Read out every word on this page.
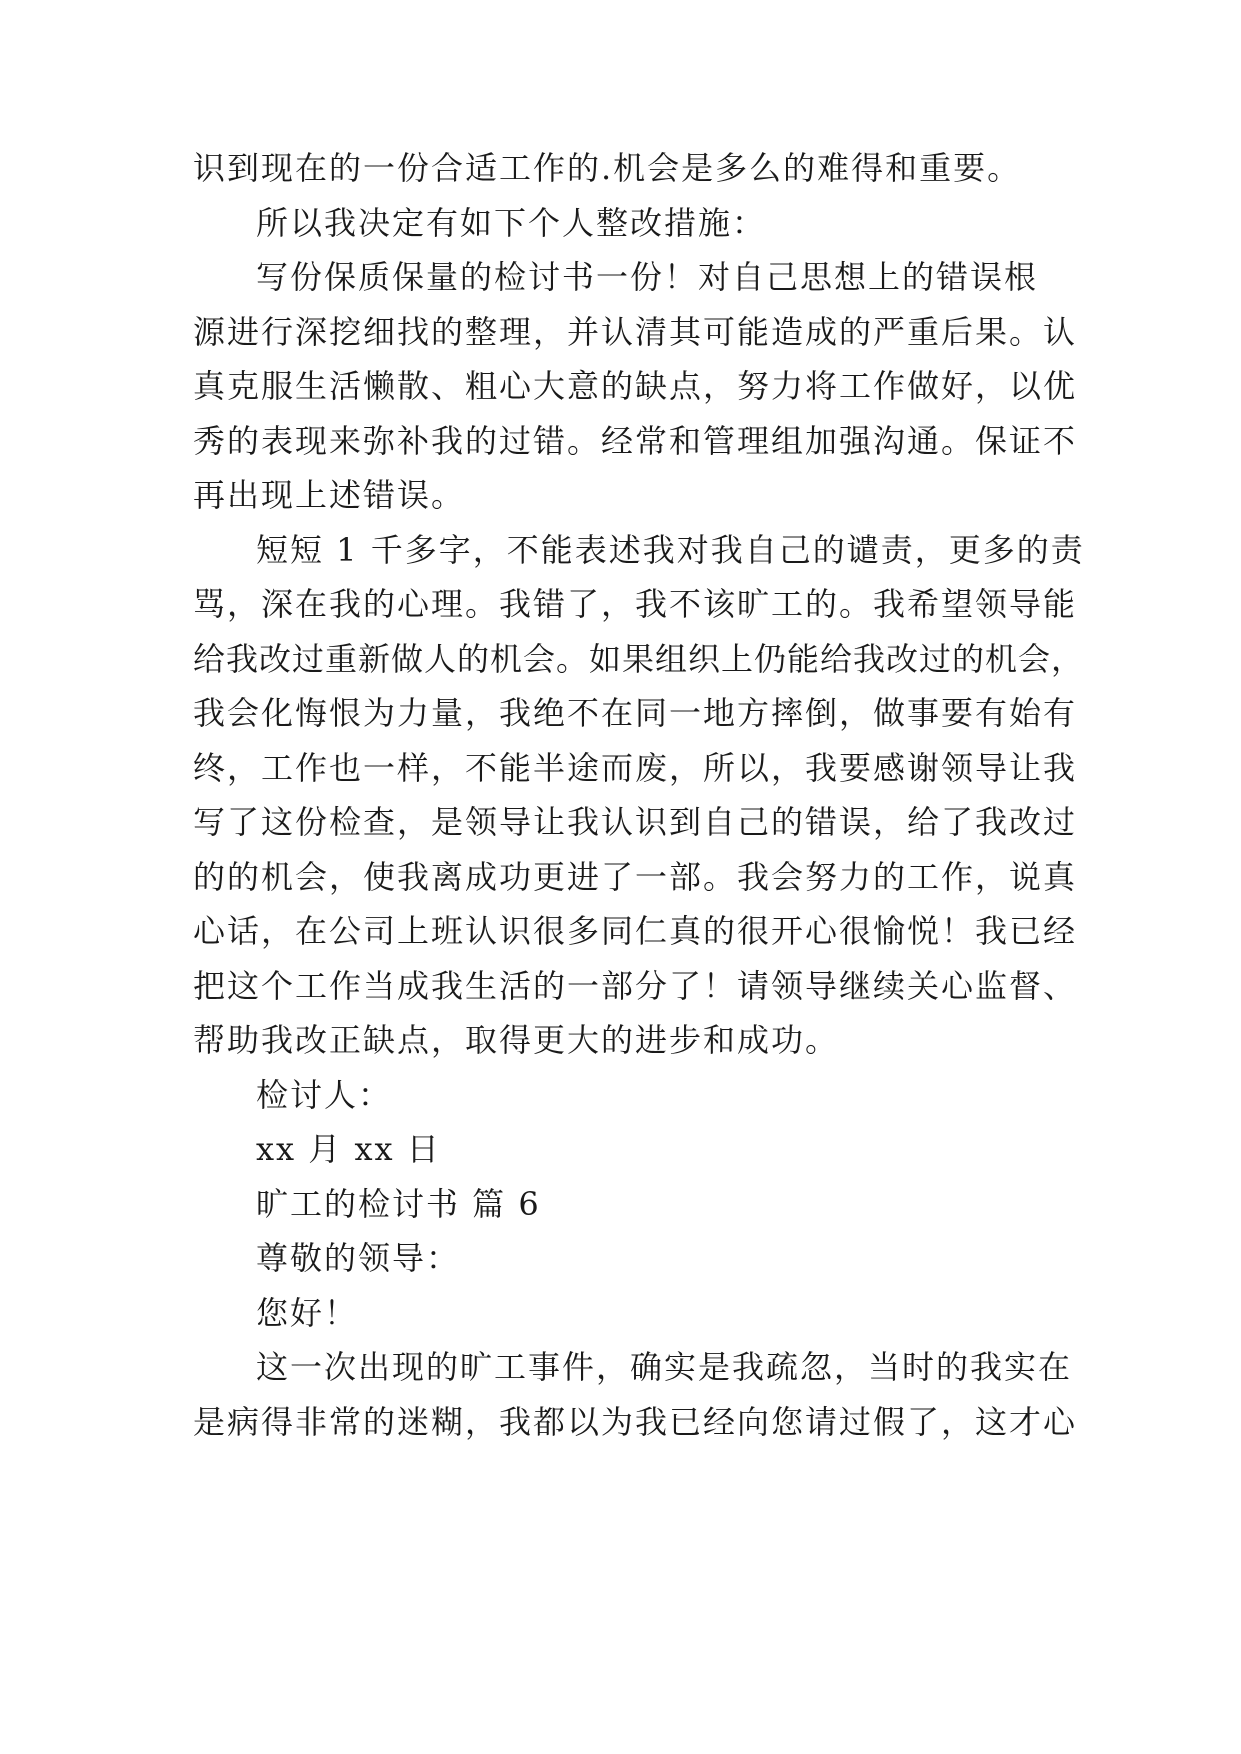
识到现在的一份合适工作的.机会是多么的难得和重要。
所以我决定有如下个人整改措施：
写份保质保量的检讨书一份！对自己思想上的错误根
源进行深挖细找的整理，并认清其可能造成的严重后果。认
真克服生活懒散、粗心大意的缺点，努力将工作做好，以优
秀的表现来弥补我的过错。经常和管理组加强沟通。保证不
再出现上述错误。
短短 1 千多字，不能表述我对我自己的谴责，更多的责
骂，深在我的心理。我错了，我不该旷工的。我希望领导能
给我改过重新做人的机会。如果组织上仍能给我改过的机会，
我会化悔恨为力量，我绝不在同一地方摔倒，做事要有始有
终，工作也一样，不能半途而废，所以，我要感谢领导让我
写了这份检查，是领导让我认识到自己的错误，给了我改过
的的机会，使我离成功更进了一部。我会努力的工作，说真
心话，在公司上班认识很多同仁真的很开心很愉悦！我已经
把这个工作当成我生活的一部分了！请领导继续关心监督、
帮助我改正缺点，取得更大的进步和成功。
检讨人：
xx 月 xx 日
旷工的检讨书 篇 6
尊敬的领导：
您好！
这一次出现的旷工事件，确实是我疏忽，当时的我实在
是病得非常的迷糊，我都以为我已经向您请过假了，这才心
